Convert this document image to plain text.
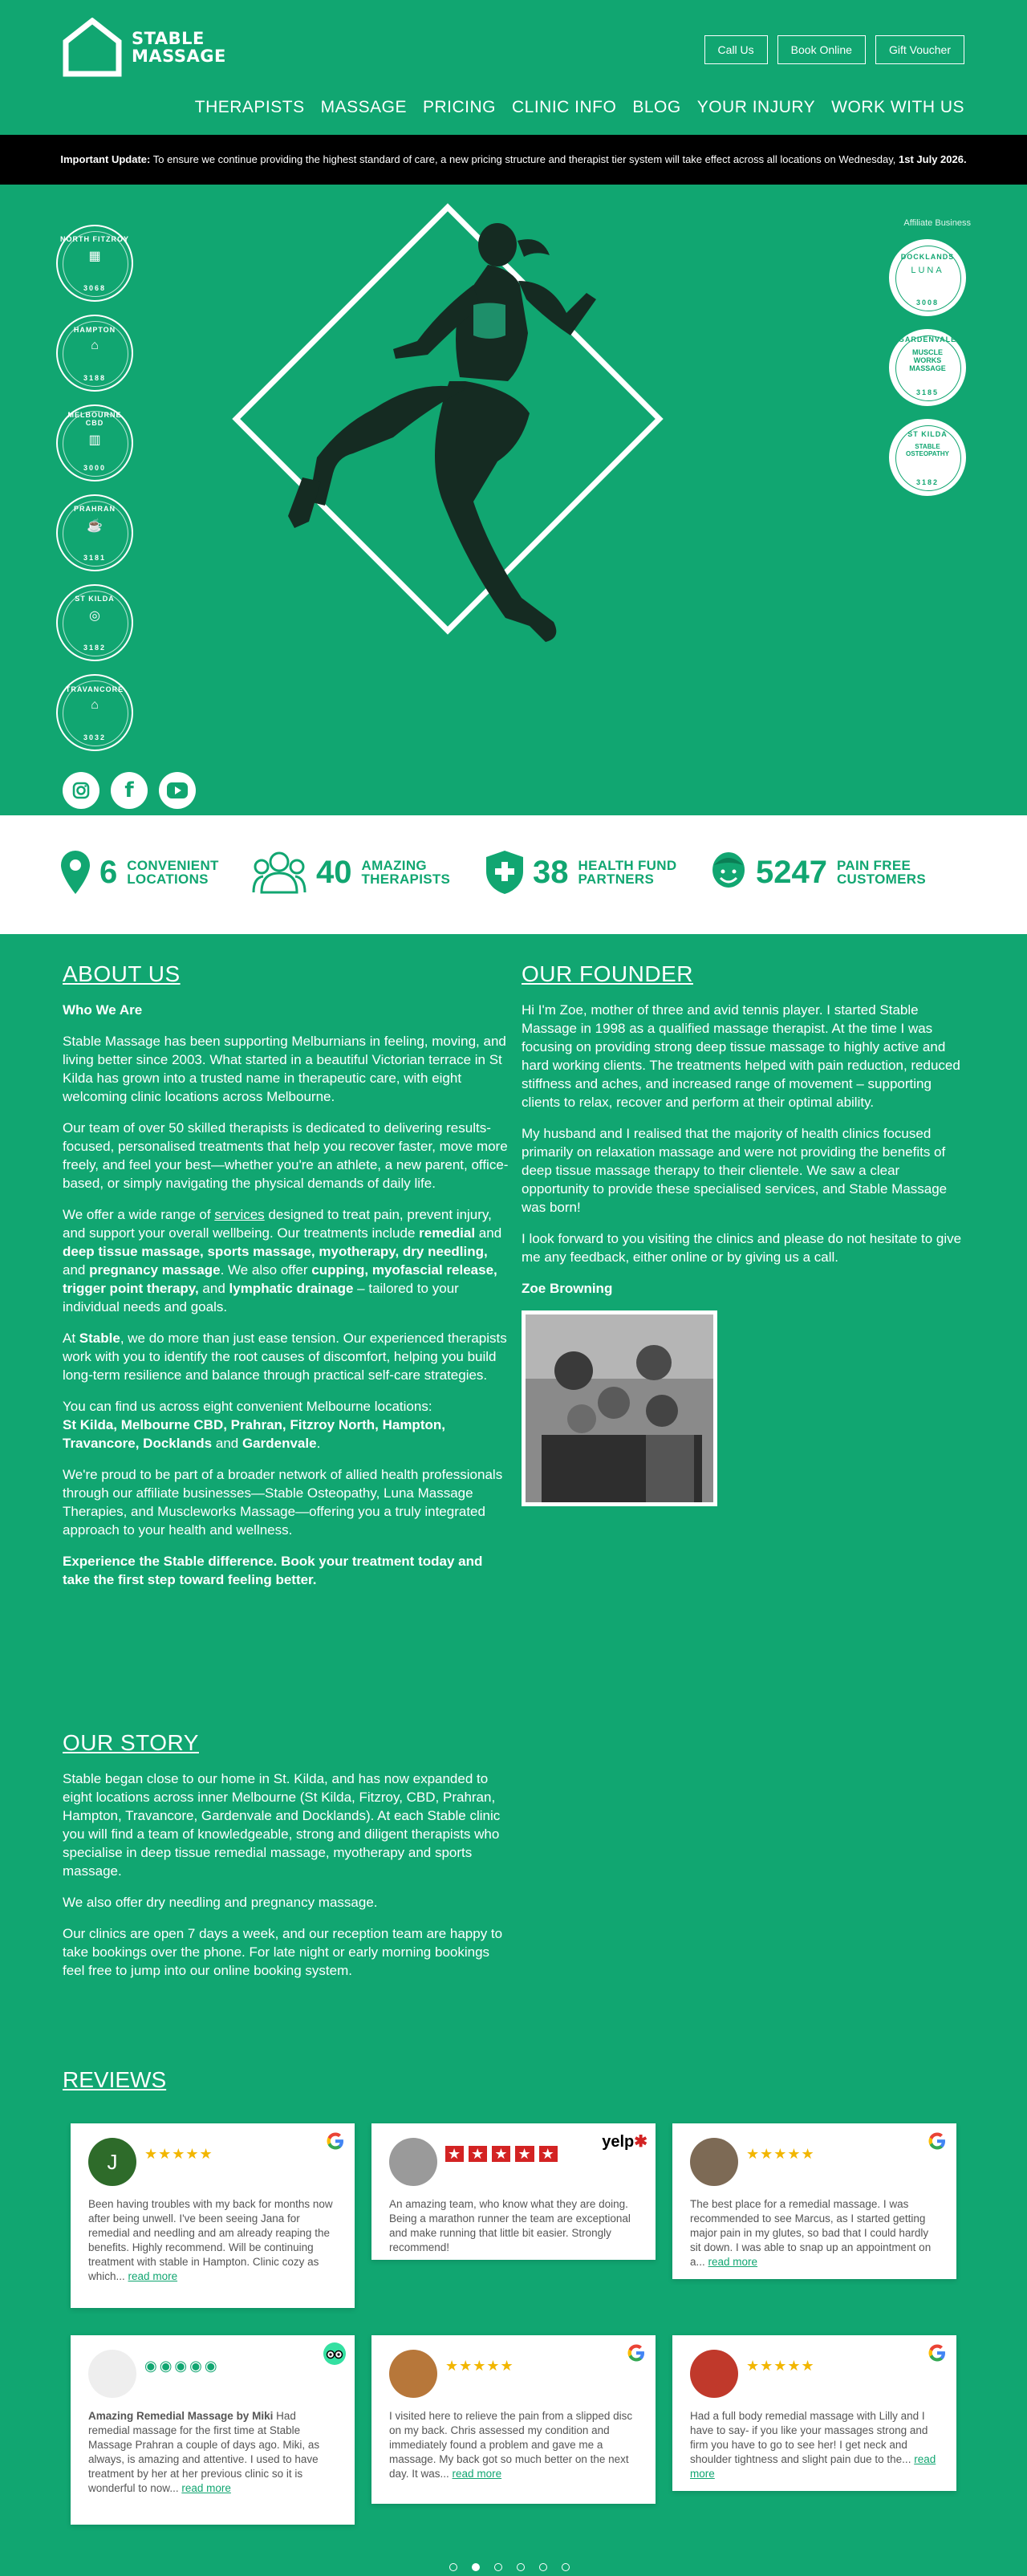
STABLE
MASSAGE	Call Us	Book Online	Gift Voucher
THERAPISTS MASSAGE PRICING CLINIC INFO BLOG YOUR INJURY WORK WITH US
Important Update: To ensure we continue providing the highest standard of care, a new pricing structure and therapist tier system will take effect across all locations on Wednesday, 1st July 2026.
NORTH FITZROY
▦
3068
HAMPTON
⌂
3188
MELBOURNE CBD
▥
3000
PRAHRAN
☕
3181
ST KILDA
◎
3182
TRAVANCORE
⌂
3032
Affiliate Business
DOCKLANDS
LUNA
3008
GARDENVALE
MUSCLE WORKS MASSAGE
3185
ST KILDA
STABLE OSTEOPATHY
3182
f
6 CONVENIENT
LOCATIONS	40 AMAZING
THERAPISTS	38 HEALTH FUND
PARTNERS	5247 PAIN FREE
CUSTOMERS
ABOUT US
Who We Are

Stable Massage has been supporting Melburnians in feeling, moving, and living better since 2003. What started in a beautiful Victorian terrace in St Kilda has grown into a trusted name in therapeutic care, with eight welcoming clinic locations across Melbourne.

Our team of over 50 skilled therapists is dedicated to delivering results-focused, personalised treatments that help you recover faster, move more freely, and feel your best—whether you're an athlete, a new parent, office-based, or simply navigating the physical demands of daily life.

We offer a wide range of services designed to treat pain, prevent injury, and support your overall wellbeing. Our treatments include remedial and deep tissue massage, sports massage, myotherapy, dry needling, and pregnancy massage. We also offer cupping, myofascial release, trigger point therapy, and lymphatic drainage – tailored to your individual needs and goals.

At Stable, we do more than just ease tension. Our experienced therapists work with you to identify the root causes of discomfort, helping you build long-term resilience and balance through practical self-care strategies.

You can find us across eight convenient Melbourne locations:
St Kilda, Melbourne CBD, Prahran, Fitzroy North, Hampton, Travancore, Docklands and Gardenvale.

We're proud to be part of a broader network of allied health professionals through our affiliate businesses—Stable Osteopathy, Luna Massage Therapies, and Muscleworks Massage—offering you a truly integrated approach to your health and wellness.

Experience the Stable difference. Book your treatment today and take the first step toward feeling better.

OUR FOUNDER

Hi I'm Zoe, mother of three and avid tennis player. I started Stable Massage in 1998 as a qualified massage therapist. At the time I was focusing on providing strong deep tissue massage to highly active and hard working clients. The treatments helped with pain reduction, reduced stiffness and aches, and increased range of movement – supporting clients to relax, recover and perform at their optimal ability.

My husband and I realised that the majority of health clinics focused primarily on relaxation massage and were not providing the benefits of deep tissue massage therapy to their clientele. We saw a clear opportunity to provide these specialised services, and Stable Massage was born!

I look forward to you visiting the clinics and please do not hesitate to give me any feedback, either online or by giving us a call.

Zoe Browning
OUR STORY

Stable began close to our home in St. Kilda, and has now expanded to eight locations across inner Melbourne (St Kilda, Fitzroy, CBD, Prahran, Hampton, Travancore, Gardenvale and Docklands). At each Stable clinic you will find a team of knowledgeable, strong and diligent therapists who specialise in deep tissue remedial massage, myotherapy and sports massage.

We also offer dry needling and pregnancy massage.

Our clinics are open 7 days a week, and our reception team are happy to take bookings over the phone. For late night or early morning bookings feel free to jump into our online booking system.

REVIEWS
J	★★★★★
Been having troubles with my back for months now after being unwell. I've been seeing Jana for remedial and needling and am already reaping the benefits. Highly recommend. Will be continuing treatment with stable in Hampton. Clinic cozy as which... read more
★ ★ ★ ★ ★
yelp✱
An amazing team, who know what they are doing. Being a marathon runner the team are exceptional and make running that little bit easier. Strongly recommend!
★★★★★
The best place for a remedial massage. I was recommended to see Marcus, as I started getting major pain in my glutes, so bad that I could hardly sit down. I was able to snap up an appointment on a... read more
◉◉◉◉◉
Amazing Remedial Massage by Miki Had remedial massage for the first time at Stable Massage Prahran a couple of days ago. Miki, as always, is amazing and attentive. I used to have treatment by her at her previous clinic so it is wonderful to now... read more
★★★★★
I visited here to relieve the pain from a slipped disc on my back. Chris assessed my condition and immediately found a problem and gave me a massage. My back got so much better on the next day. It was... read more
★★★★★
Had a full body remedial massage with Lilly and I have to say- if you like your massages strong and firm you have to go to see her! I get neck and shoulder tightness and slight pain due to the... read more
